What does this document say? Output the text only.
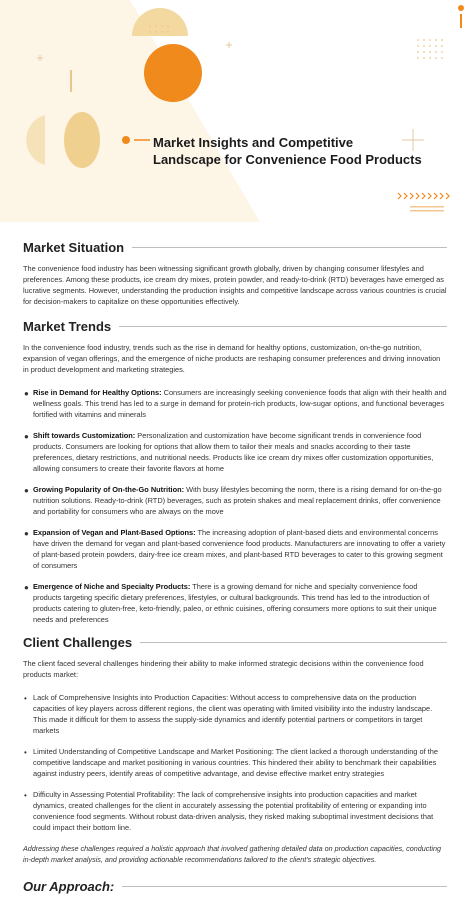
Market Insights and Competitive Landscape for Convenience Food Products
Market Situation

The convenience food industry has been witnessing significant growth globally, driven by changing consumer lifestyles and preferences. Among these products, ice cream dry mixes, protein powder, and ready-to-drink (RTD) beverages have emerged as lucrative segments. However, understanding the production insights and competitive landscape across various countries is crucial for decision-makers to capitalize on these opportunities effectively.

Market Trends

In the convenience food industry, trends such as the rise in demand for healthy options, customization, on-the-go nutrition, expansion of vegan offerings, and the emergence of niche products are reshaping consumer preferences and driving innovation in product development and marketing strategies.

● Rise in Demand for Healthy Options: Consumers are increasingly seeking convenience foods that align with their health and wellness goals. This trend has led to a surge in demand for protein-rich products, low-sugar options, and functional beverages fortified with vitamins and minerals
● Shift towards Customization: Personalization and customization have become significant trends in convenience food products. Consumers are looking for options that allow them to tailor their meals and snacks according to their taste preferences, dietary restrictions, and nutritional needs. Products like ice cream dry mixes offer customization opportunities, allowing consumers to create their favorite flavors at home
● Growing Popularity of On-the-Go Nutrition: With busy lifestyles becoming the norm, there is a rising demand for on-the-go nutrition solutions. Ready-to-drink (RTD) beverages, such as protein shakes and meal replacement drinks, offer convenience and portability for consumers who are always on the move
● Expansion of Vegan and Plant-Based Options: The increasing adoption of plant-based diets and environmental concerns have driven the demand for vegan and plant-based convenience food products. Manufacturers are innovating to offer a variety of plant-based protein powders, dairy-free ice cream mixes, and plant-based RTD beverages to cater to this growing segment of consumers
● Emergence of Niche and Specialty Products: There is a growing demand for niche and specialty convenience food products targeting specific dietary preferences, lifestyles, or cultural backgrounds. This trend has led to the introduction of products catering to gluten-free, keto-friendly, paleo, or ethnic cuisines, offering consumers more options to suit their unique needs and preferences
Client Challenges

The client faced several challenges hindering their ability to make informed strategic decisions within the convenience food products market:

• Lack of Comprehensive Insights into Production Capacities: Without access to comprehensive data on the production capacities of key players across different regions, the client was operating with limited visibility into the industry landscape. This made it difficult for them to assess the supply-side dynamics and identify potential partners or competitors in target markets
• Limited Understanding of Competitive Landscape and Market Positioning: The client lacked a thorough understanding of the competitive landscape and market positioning in various countries. This hindered their ability to benchmark their capabilities against industry peers, identify areas of competitive advantage, and devise effective market entry strategies
• Difficulty in Assessing Potential Profitability: The lack of comprehensive insights into production capacities and market dynamics, created challenges for the client in accurately assessing the potential profitability of entering or expanding into convenience food segments. Without robust data-driven analysis, they risked making suboptimal investment decisions that could impact their bottom line.

Addressing these challenges required a holistic approach that involved gathering detailed data on production capacities, conducting in-depth market analysis, and providing actionable recommendations tailored to the client's strategic objectives.

Our Approach:
